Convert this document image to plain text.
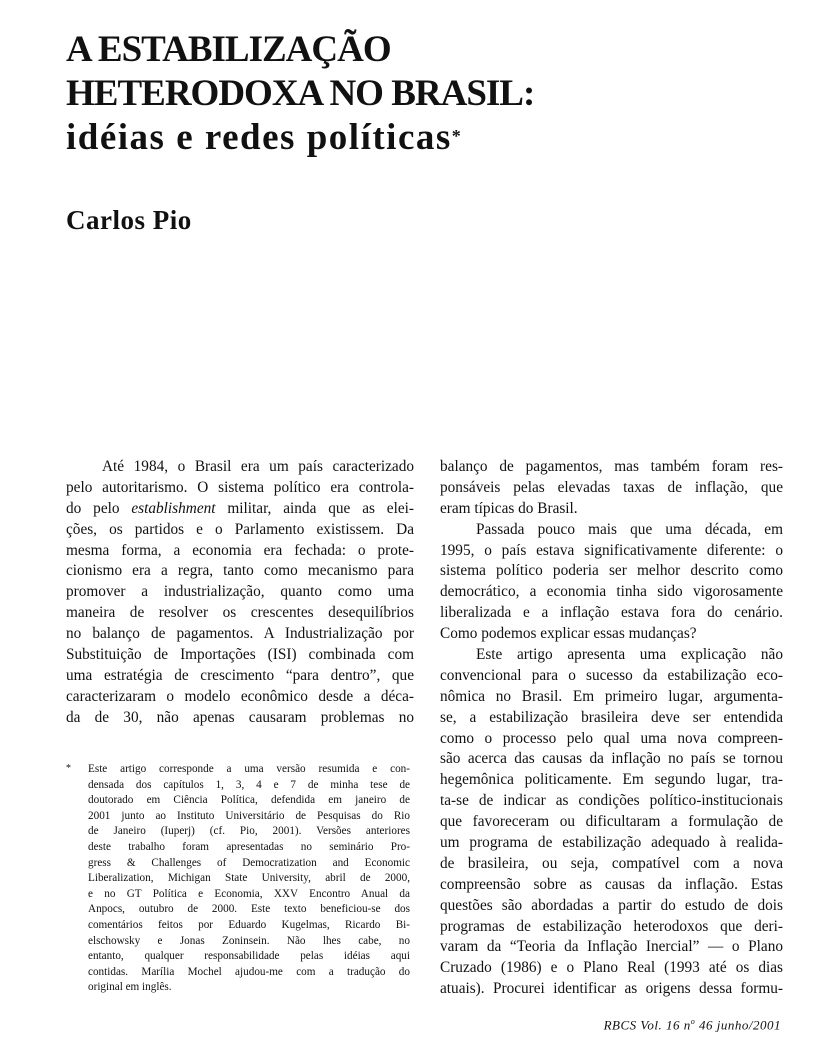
A ESTABILIZAÇÃO
HETERODOXA NO BRASIL:
idéias e redes políticas*
Carlos Pio
Até 1984, o Brasil era um país caracterizado
pelo autoritarismo. O sistema político era controla-
do pelo establishment militar, ainda que as elei-
ções, os partidos e o Parlamento existissem. Da
mesma forma, a economia era fechada: o prote-
cionismo era a regra, tanto como mecanismo para
promover a industrialização, quanto como uma
maneira de resolver os crescentes desequilíbrios
no balanço de pagamentos. A Industrialização por
Substituição de Importações (ISI) combinada com
uma estratégia de crescimento “para dentro”, que
caracterizaram o modelo econômico desde a déca-
da de 30, não apenas causaram problemas no
* Este artigo corresponde a uma versão resumida e con-
densada dos capítulos 1, 3, 4 e 7 de minha tese de
doutorado em Ciência Política, defendida em janeiro de
2001 junto ao Instituto Universitário de Pesquisas do Rio
de Janeiro (Iuperj) (cf. Pio, 2001). Versões anteriores
deste trabalho foram apresentadas no seminário Pro-
gress & Challenges of Democratization and Economic
Liberalization, Michigan State University, abril de 2000,
e no GT Política e Economia, XXV Encontro Anual da
Anpocs, outubro de 2000. Este texto beneficiou-se dos
comentários feitos por Eduardo Kugelmas, Ricardo Bi-
elschowsky e Jonas Zoninsein. Não lhes cabe, no
entanto, qualquer responsabilidade pelas idéias aqui
contidas. Marília Mochel ajudou-me com a tradução do
original em inglês.
balanço de pagamentos, mas também foram res-
ponsáveis pelas elevadas taxas de inflação, que
eram típicas do Brasil.
Passada pouco mais que uma década, em
1995, o país estava significativamente diferente: o
sistema político poderia ser melhor descrito como
democrático, a economia tinha sido vigorosamente
liberalizada e a inflação estava fora do cenário.
Como podemos explicar essas mudanças?
Este artigo apresenta uma explicação não
convencional para o sucesso da estabilização eco-
nômica no Brasil. Em primeiro lugar, argumenta-
se, a estabilização brasileira deve ser entendida
como o processo pelo qual uma nova compreen-
são acerca das causas da inflação no país se tornou
hegemônica politicamente. Em segundo lugar, tra-
ta-se de indicar as condições político-institucionais
que favoreceram ou dificultaram a formulação de
um programa de estabilização adequado à realida-
de brasileira, ou seja, compatível com a nova
compreensão sobre as causas da inflação. Estas
questões são abordadas a partir do estudo de dois
programas de estabilização heterodoxos que deri-
varam da “Teoria da Inflação Inercial” — o Plano
Cruzado (1986) e o Plano Real (1993 até os dias
atuais). Procurei identificar as origens dessa formu-
RBCS Vol. 16 $n^o$ 46 junho/2001
